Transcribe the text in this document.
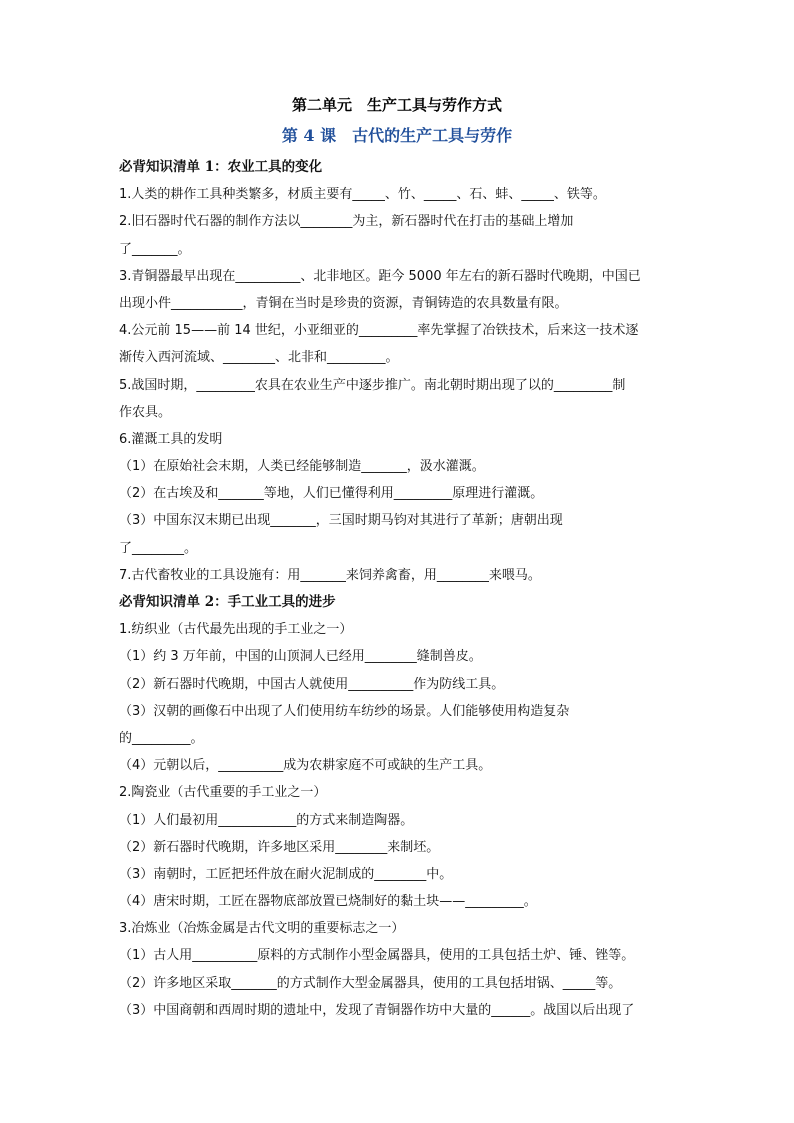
第二单元　生产工具与劳作方式
第 4 课　古代的生产工具与劳作
必背知识清单 1：农业工具的变化
1.人类的耕作工具种类繁多，材质主要有_____、竹、_____、石、蚌、_____、铁等。
2.旧石器时代石器的制作方法以________为主，新石器时代在打击的基础上增加
了_______。
3.青铜器最早出现在__________、北非地区。距今 5000 年左右的新石器时代晚期，中国已
出现小件___________，青铜在当时是珍贵的资源，青铜铸造的农具数量有限。
4.公元前 15——前 14 世纪，小亚细亚的_________率先掌握了冶铁技术，后来这一技术逐
渐传入西河流域、________、北非和_________。
5.战国时期，_________农具在农业生产中逐步推广。南北朝时期出现了以的_________制
作农具。
6.灌溉工具的发明
（1）在原始社会末期，人类已经能够制造_______，汲水灌溉。
（2）在古埃及和_______等地，人们已懂得利用_________原理进行灌溉。
（3）中国东汉末期已出现_______，三国时期马钧对其进行了革新；唐朝出现
了________。
7.古代畜牧业的工具设施有：用_______来饲养禽畜，用________来喂马。
必背知识清单 2：手工业工具的进步
1.纺织业（古代最先出现的手工业之一）
（1）约 3 万年前，中国的山顶洞人已经用________缝制兽皮。
（2）新石器时代晚期，中国古人就使用__________作为防线工具。
（3）汉朝的画像石中出现了人们使用纺车纺纱的场景。人们能够使用构造复杂
的_________。
（4）元朝以后，__________成为农耕家庭不可或缺的生产工具。
2.陶瓷业（古代重要的手工业之一）
（1）人们最初用____________的方式来制造陶器。
（2）新石器时代晚期，许多地区采用________来制坯。
（3）南朝时，工匠把坯件放在耐火泥制成的________中。
（4）唐宋时期，工匠在器物底部放置已烧制好的黏土块——_________。
3.冶炼业（冶炼金属是古代文明的重要标志之一）
（1）古人用__________原料的方式制作小型金属器具，使用的工具包括土炉、锤、锉等。
（2）许多地区采取_______的方式制作大型金属器具，使用的工具包括坩锅、_____等。
（3）中国商朝和西周时期的遗址中，发现了青铜器作坊中大量的______。战国以后出现了
